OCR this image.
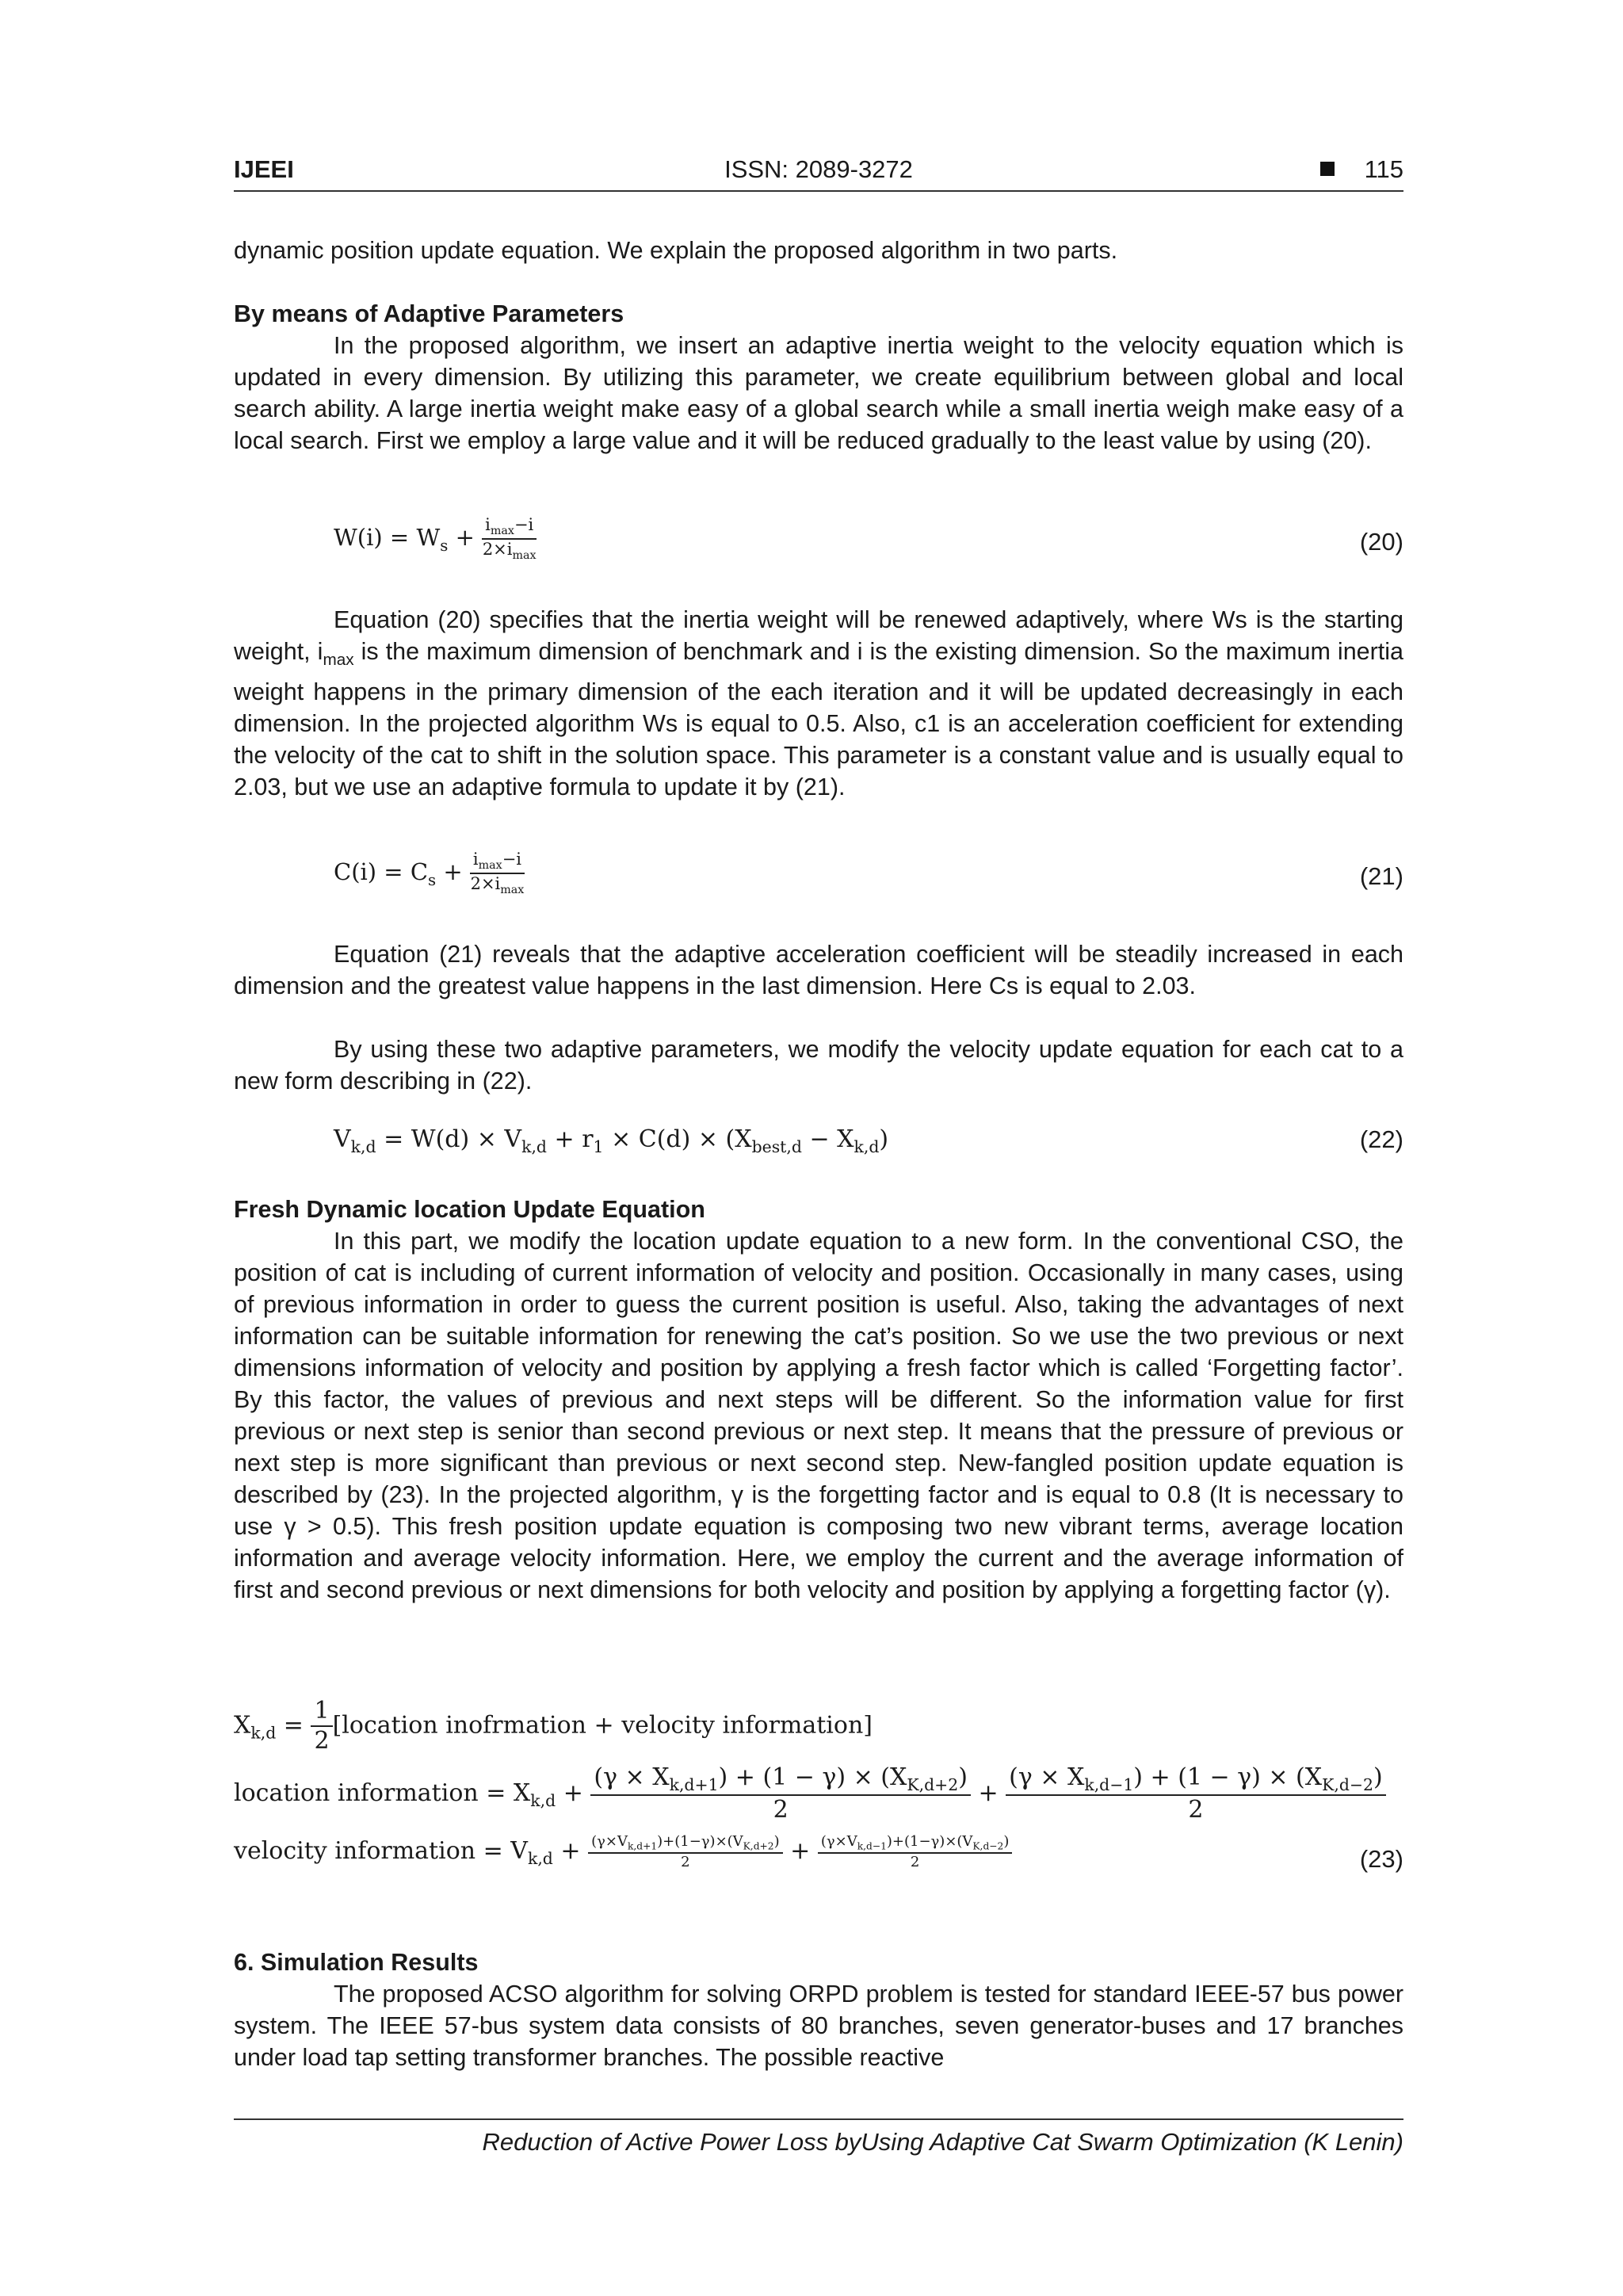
IJEEI	ISSN: 2089-3272	115

dynamic position update equation. We explain the proposed algorithm in two parts.

By means of Adaptive Parameters

In the proposed algorithm, we insert an adaptive inertia weight to the velocity equation which is updated in every dimension. By utilizing this parameter, we create equilibrium between global and local search ability. A large inertia weight make easy of a global search while a small inertia weigh make easy of a local search. First we employ a large value and it will be reduced gradually to the least value by using (20).

$W(i) = W_s + \frac{i_{max}-i}{2\times i_{max}}$	(20)

Equation (20) specifies that the inertia weight will be renewed adaptively, where Ws is the starting weight, $i_{max}$ is the maximum dimension of benchmark and i is the existing dimension. So the maximum inertia weight happens in the primary dimension of the each iteration and it will be updated decreasingly in each dimension. In the projected algorithm Ws is equal to 0.5. Also, c1 is an acceleration coefficient for extending the velocity of the cat to shift in the solution space. This parameter is a constant value and is usually equal to 2.03, but we use an adaptive formula to update it by (21).

$C(i) = C_s + \frac{i_{max}-i}{2\times i_{max}}$	(21)

Equation (21) reveals that the adaptive acceleration coefficient will be steadily increased in each dimension and the greatest value happens in the last dimension. Here Cs is equal to 2.03.

By using these two adaptive parameters, we modify the velocity update equation for each cat to a new form describing in (22).

$V_{k,d} = W(d) \times V_{k,d} + r_1 \times C(d) \times (X_{best,d} - X_{k,d})$	(22)

Fresh Dynamic location Update Equation

In this part, we modify the location update equation to a new form. In the conventional CSO, the position of cat is including of current information of velocity and position. Occasionally in many cases, using of previous information in order to guess the current position is useful. Also, taking the advantages of next information can be suitable information for renewing the cat’s position. So we use the two previous or next dimensions information of velocity and position by applying a fresh factor which is called ‘Forgetting factor’. By this factor, the values of previous and next steps will be different. So the information value for first previous or next step is senior than second previous or next step. It means that the pressure of previous or next step is more significant than previous or next second step. New-fangled position update equation is described by (23). In the projected algorithm, γ is the forgetting factor and is equal to 0.8 (It is necessary to use γ > 0.5). This fresh position update equation is composing two new vibrant terms, average location information and average velocity information. Here, we employ the current and the average information of first and second previous or next dimensions for both velocity and position by applying a forgetting factor (γ).

$X_{k,d} = \frac{1}{2}$ [location inofrmation + velocity information]
location information = $X_{k,d} + \frac{(\gamma \times X_{k,d+1}) + (1 - \gamma) \times (X_{K,d+2})}{2} + \frac{(\gamma \times X_{k,d-1}) + (1 - \gamma) \times (X_{K,d-2})}{2}$
velocity information = $V_{k,d} + \frac{(\gamma\times V_{k,d+1})+(1-\gamma)\times(V_{K,d+2})}{2} + \frac{(\gamma\times V_{k,d-1})+(1-\gamma)\times(V_{K,d-2})}{2}$	(23)

6. Simulation Results

The proposed ACSO algorithm for solving ORPD problem is tested for standard IEEE-57 bus power system. The IEEE 57-bus system data consists of 80 branches, seven generator-buses and 17 branches under load tap setting transformer branches. The possible reactive

Reduction of Active Power Loss byUsing Adaptive Cat Swarm Optimization (K Lenin)
